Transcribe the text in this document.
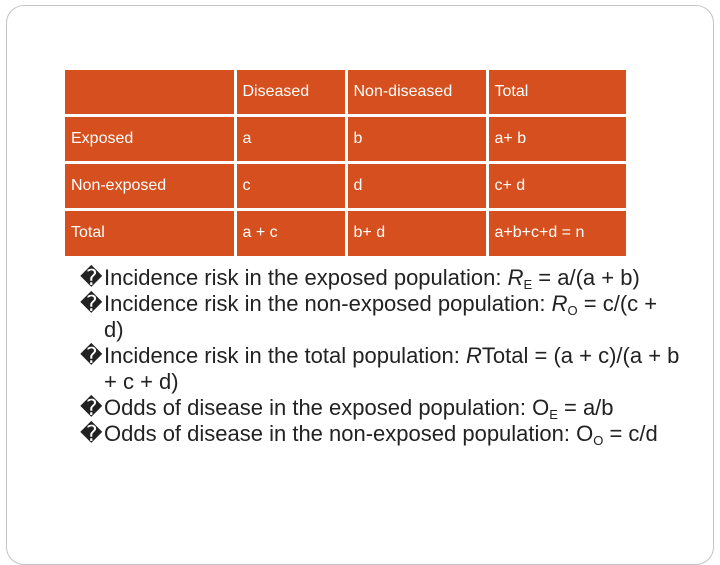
	Diseased	Non-diseased	Total
Exposed	a	b	a+ b
Non-exposed	c	d	c+ d
Total	a + c	b+ d	a+b+c+d = n

� Incidence risk in the exposed population: $R_E = a/(a + b)$

� Incidence risk in the non-exposed population: $R_O = c/(c + d)$

� Incidence risk in the total population: RTotal = (a + c)/(a + b + c + d)

� Odds of disease in the exposed population: $O_E = a/b$

� Odds of disease in the non-exposed population: $O_O = c/d$
